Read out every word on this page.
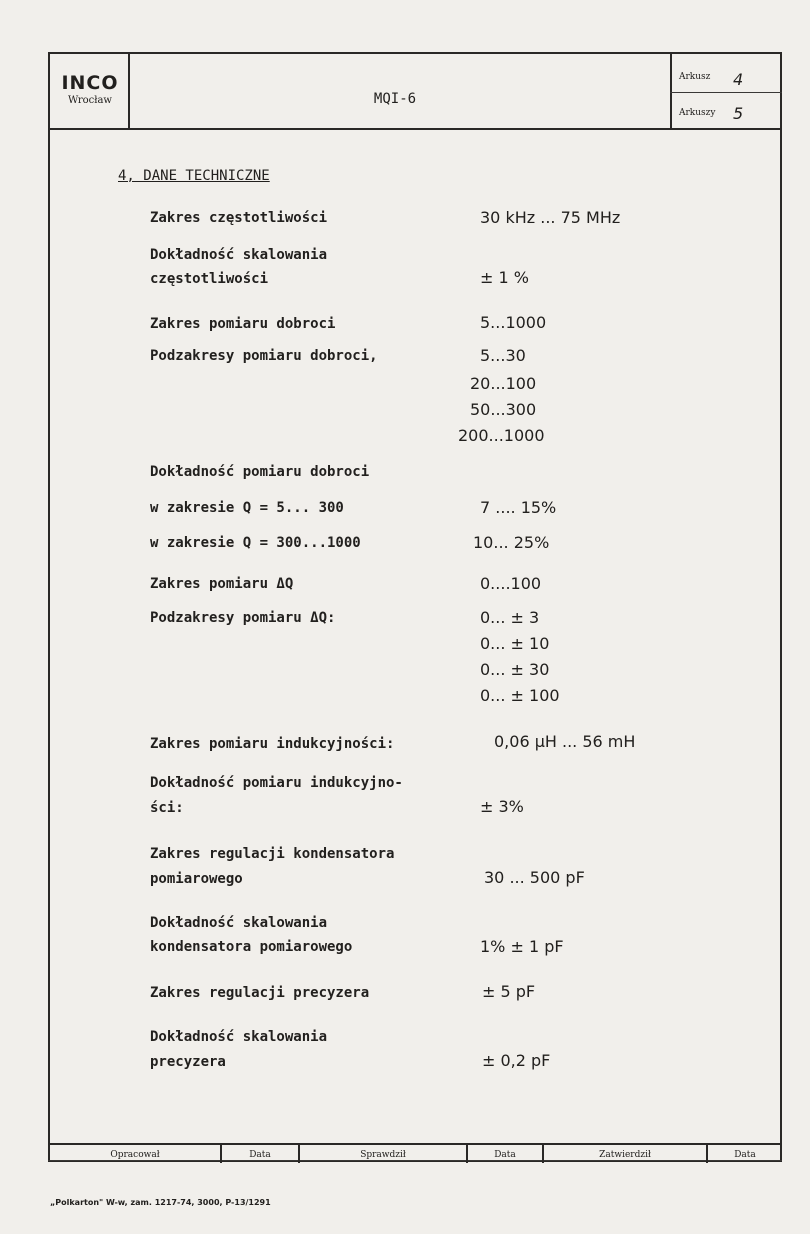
INCO
Wrocław	MQI-6
Arkusz 4
Arkuszy 5
4, DANE TECHNICZNE
Zakres częstotliwości	30 kHz ... 75 MHz
Dokładność skalowania
częstotliwości	± 1 %
Zakres pomiaru dobroci	5...1000
Podzakresy pomiaru dobroci,	5...30
20...100
50...300
200...1000
Dokładność pomiaru dobroci
w zakresie Q = 5... 300	7 .... 15%
w zakresie Q = 300...1000	10... 25%
Zakres pomiaru ΔQ	0....100
Podzakresy pomiaru ΔQ:	0... ± 3
0... ± 10
0... ± 30
0... ± 100
Zakres pomiaru indukcyjności:	0,06 µH ... 56 mH
Dokładność pomiaru indukcyjno-
ści:	± 3%
Zakres regulacji kondensatora
pomiarowego	30 ... 500 pF
Dokładność skalowania
kondensatora pomiarowego	1% ± 1 pF
Zakres regulacji precyzera	± 5 pF
Dokładność skalowania
precyzera	± 0,2 pF
Opracował	Data	Sprawdził	Data	Zatwierdził	Data
„Polkarton" W-w, zam. 1217-74, 3000, P-13/1291
